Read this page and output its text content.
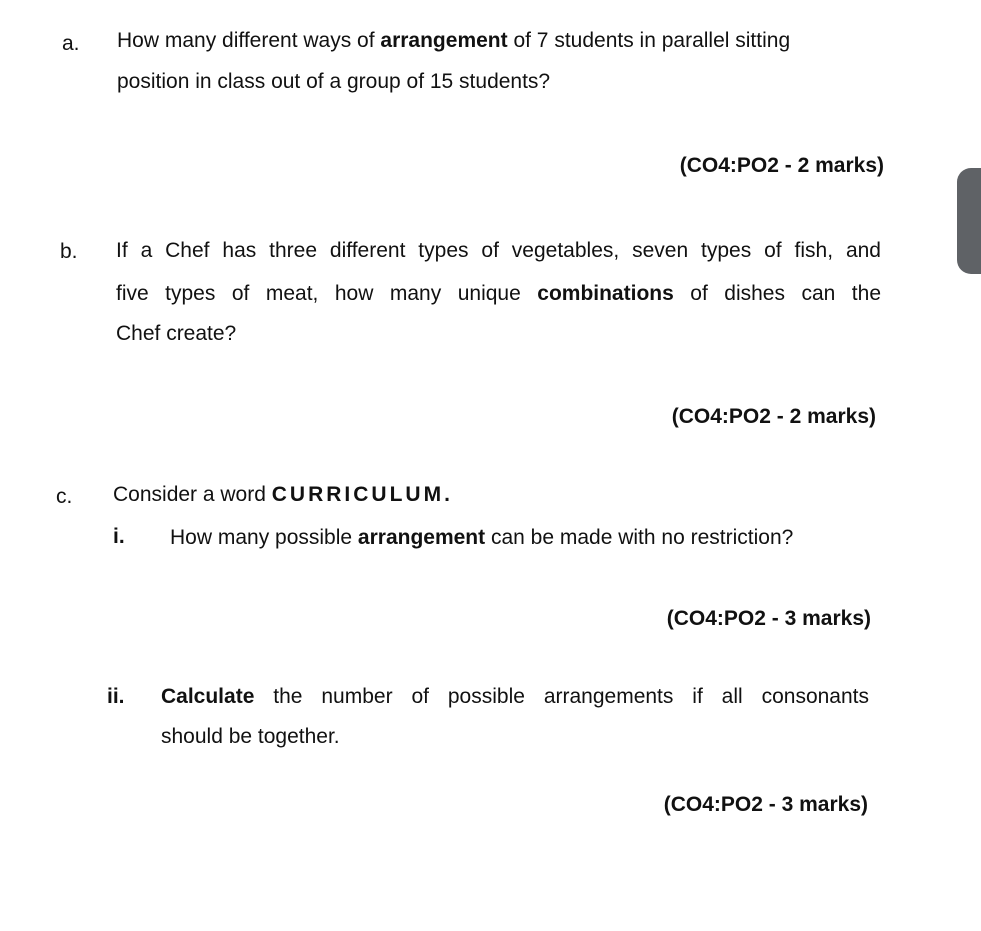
a. How many different ways of arrangement of 7 students in parallel sitting
position in class out of a group of 15 students?
(CO4:PO2 - 2 marks)
b. If a Chef has three different types of vegetables, seven types of fish, and
five types of meat, how many unique combinations of dishes can the
Chef create?
(CO4:PO2 - 2 marks)
c. Consider a word CURRICULUM.
i. How many possible arrangement can be made with no restriction?
(CO4:PO2 - 3 marks)
ii. Calculate the number of possible arrangements if all consonants
should be together.
(CO4:PO2 - 3 marks)
